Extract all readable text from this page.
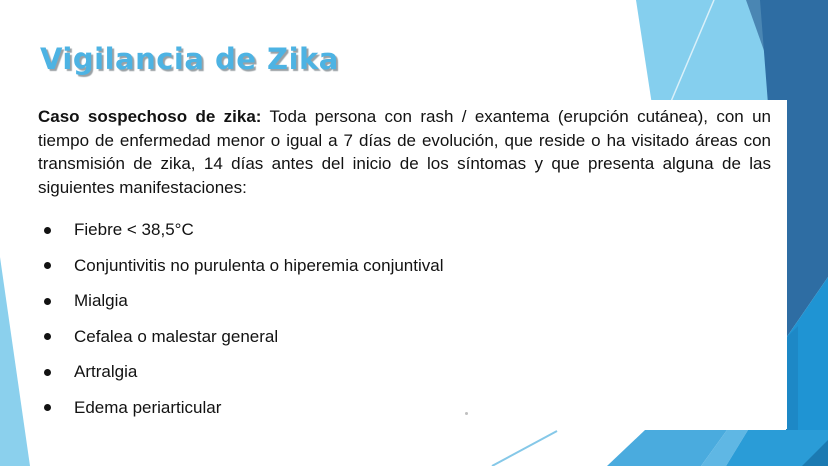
Vigilancia de Zika
Caso sospechoso de zika: Toda persona con rash / exantema (erupción cutánea), con un tiempo de enfermedad menor o igual a 7 días de evolución, que reside o ha visitado áreas con transmisión de zika, 14 días antes del inicio de los síntomas y que presenta alguna de las siguientes manifestaciones:
Fiebre < 38,5°C
Conjuntivitis no purulenta o hiperemia conjuntival
Mialgia
Cefalea o malestar general
Artralgia
Edema periarticular
